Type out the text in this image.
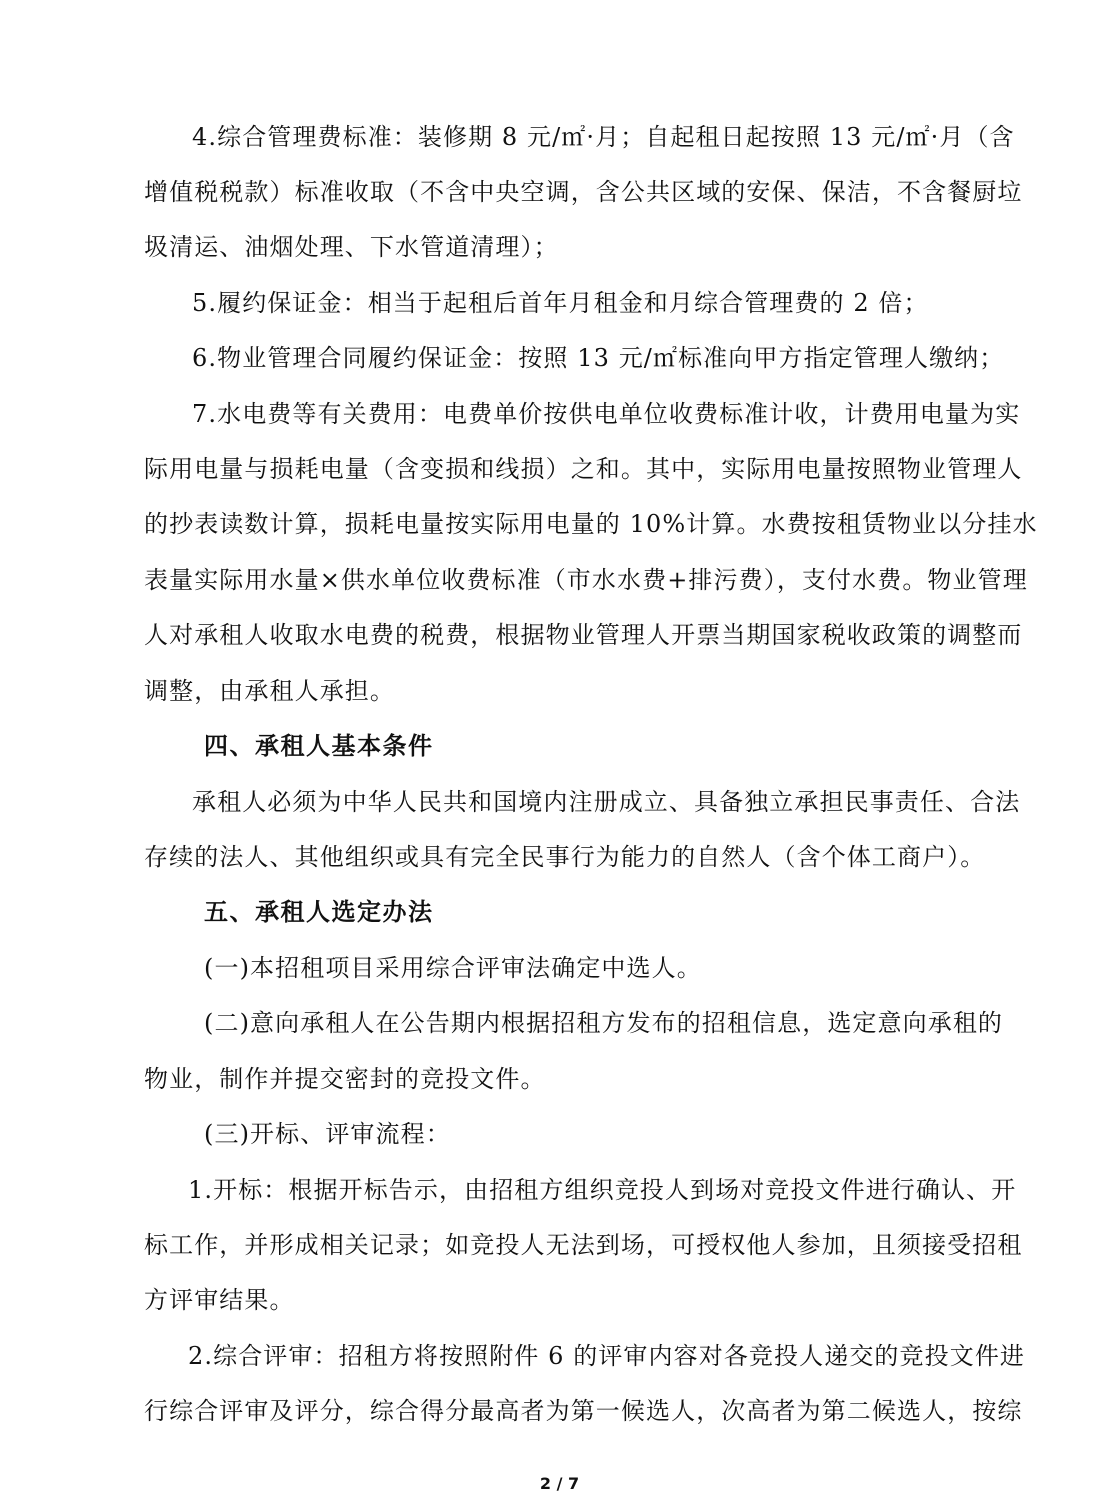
4.综合管理费标准：装修期 8 元/㎡·月；自起租日起按照 13 元/㎡·月（含
增值税税款）标准收取（不含中央空调，含公共区域的安保、保洁，不含餐厨垃
圾清运、油烟处理、下水管道清理）；
5.履约保证金：相当于起租后首年月租金和月综合管理费的 2 倍；
6.物业管理合同履约保证金：按照 13 元/㎡标准向甲方指定管理人缴纳；
7.水电费等有关费用：电费单价按供电单位收费标准计收，计费用电量为实
际用电量与损耗电量（含变损和线损）之和。其中，实际用电量按照物业管理人
的抄表读数计算，损耗电量按实际用电量的 10%计算。水费按租赁物业以分挂水
表量实际用水量×供水单位收费标准（市水水费+排污费），支付水费。物业管理
人对承租人收取水电费的税费，根据物业管理人开票当期国家税收政策的调整而
调整，由承租人承担。
四、承租人基本条件
承租人必须为中华人民共和国境内注册成立、具备独立承担民事责任、合法
存续的法人、其他组织或具有完全民事行为能力的自然人（含个体工商户）。
五、承租人选定办法
(一)本招租项目采用综合评审法确定中选人。
(二)意向承租人在公告期内根据招租方发布的招租信息，选定意向承租的
物业，制作并提交密封的竞投文件。
(三)开标、评审流程：
1.开标：根据开标告示，由招租方组织竞投人到场对竞投文件进行确认、开
标工作，并形成相关记录；如竞投人无法到场，可授权他人参加，且须接受招租
方评审结果。
2.综合评审：招租方将按照附件 6 的评审内容对各竞投人递交的竞投文件进
行综合评审及评分，综合得分最高者为第一候选人，次高者为第二候选人，按综
2 / 7
